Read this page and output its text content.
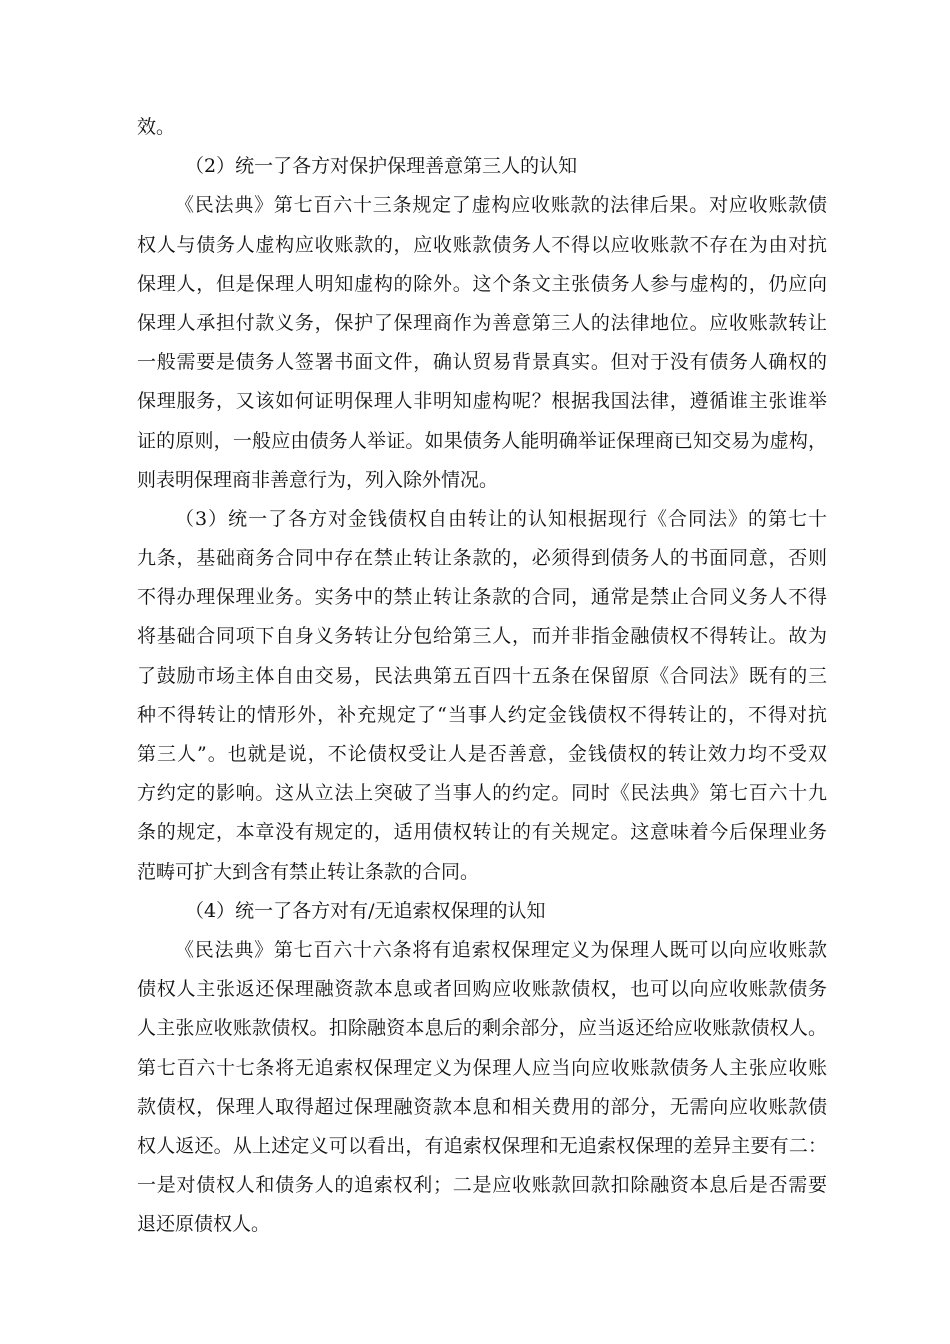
效。
（2）统一了各方对保护保理善意第三人的认知
《民法典》第七百六十三条规定了虚构应收账款的法律后果。对应收账款债
权人与债务人虚构应收账款的，应收账款债务人不得以应收账款不存在为由对抗
保理人，但是保理人明知虚构的除外。这个条文主张债务人参与虚构的，仍应向
保理人承担付款义务，保护了保理商作为善意第三人的法律地位。应收账款转让
一般需要是债务人签署书面文件，确认贸易背景真实。但对于没有债务人确权的
保理服务，又该如何证明保理人非明知虚构呢？根据我国法律，遵循谁主张谁举
证的原则，一般应由债务人举证。如果债务人能明确举证保理商已知交易为虚构，
则表明保理商非善意行为，列入除外情况。
（3）统一了各方对金钱债权自由转让的认知根据现行《合同法》的第七十
九条，基础商务合同中存在禁止转让条款的，必须得到债务人的书面同意，否则
不得办理保理业务。实务中的禁止转让条款的合同，通常是禁止合同义务人不得
将基础合同项下自身义务转让分包给第三人，而并非指金融债权不得转让。故为
了鼓励市场主体自由交易，民法典第五百四十五条在保留原《合同法》既有的三
种不得转让的情形外，补充规定了“当事人约定金钱债权不得转让的，不得对抗
第三人”。也就是说，不论债权受让人是否善意，金钱债权的转让效力均不受双
方约定的影响。这从立法上突破了当事人的约定。同时《民法典》第七百六十九
条的规定，本章没有规定的，适用债权转让的有关规定。这意味着今后保理业务
范畴可扩大到含有禁止转让条款的合同。
（4）统一了各方对有/无追索权保理的认知
《民法典》第七百六十六条将有追索权保理定义为保理人既可以向应收账款
债权人主张返还保理融资款本息或者回购应收账款债权，也可以向应收账款债务
人主张应收账款债权。扣除融资本息后的剩余部分，应当返还给应收账款债权人。
第七百六十七条将无追索权保理定义为保理人应当向应收账款债务人主张应收账
款债权，保理人取得超过保理融资款本息和相关费用的部分，无需向应收账款债
权人返还。从上述定义可以看出，有追索权保理和无追索权保理的差异主要有二：
一是对债权人和债务人的追索权利；二是应收账款回款扣除融资本息后是否需要
退还原债权人。
